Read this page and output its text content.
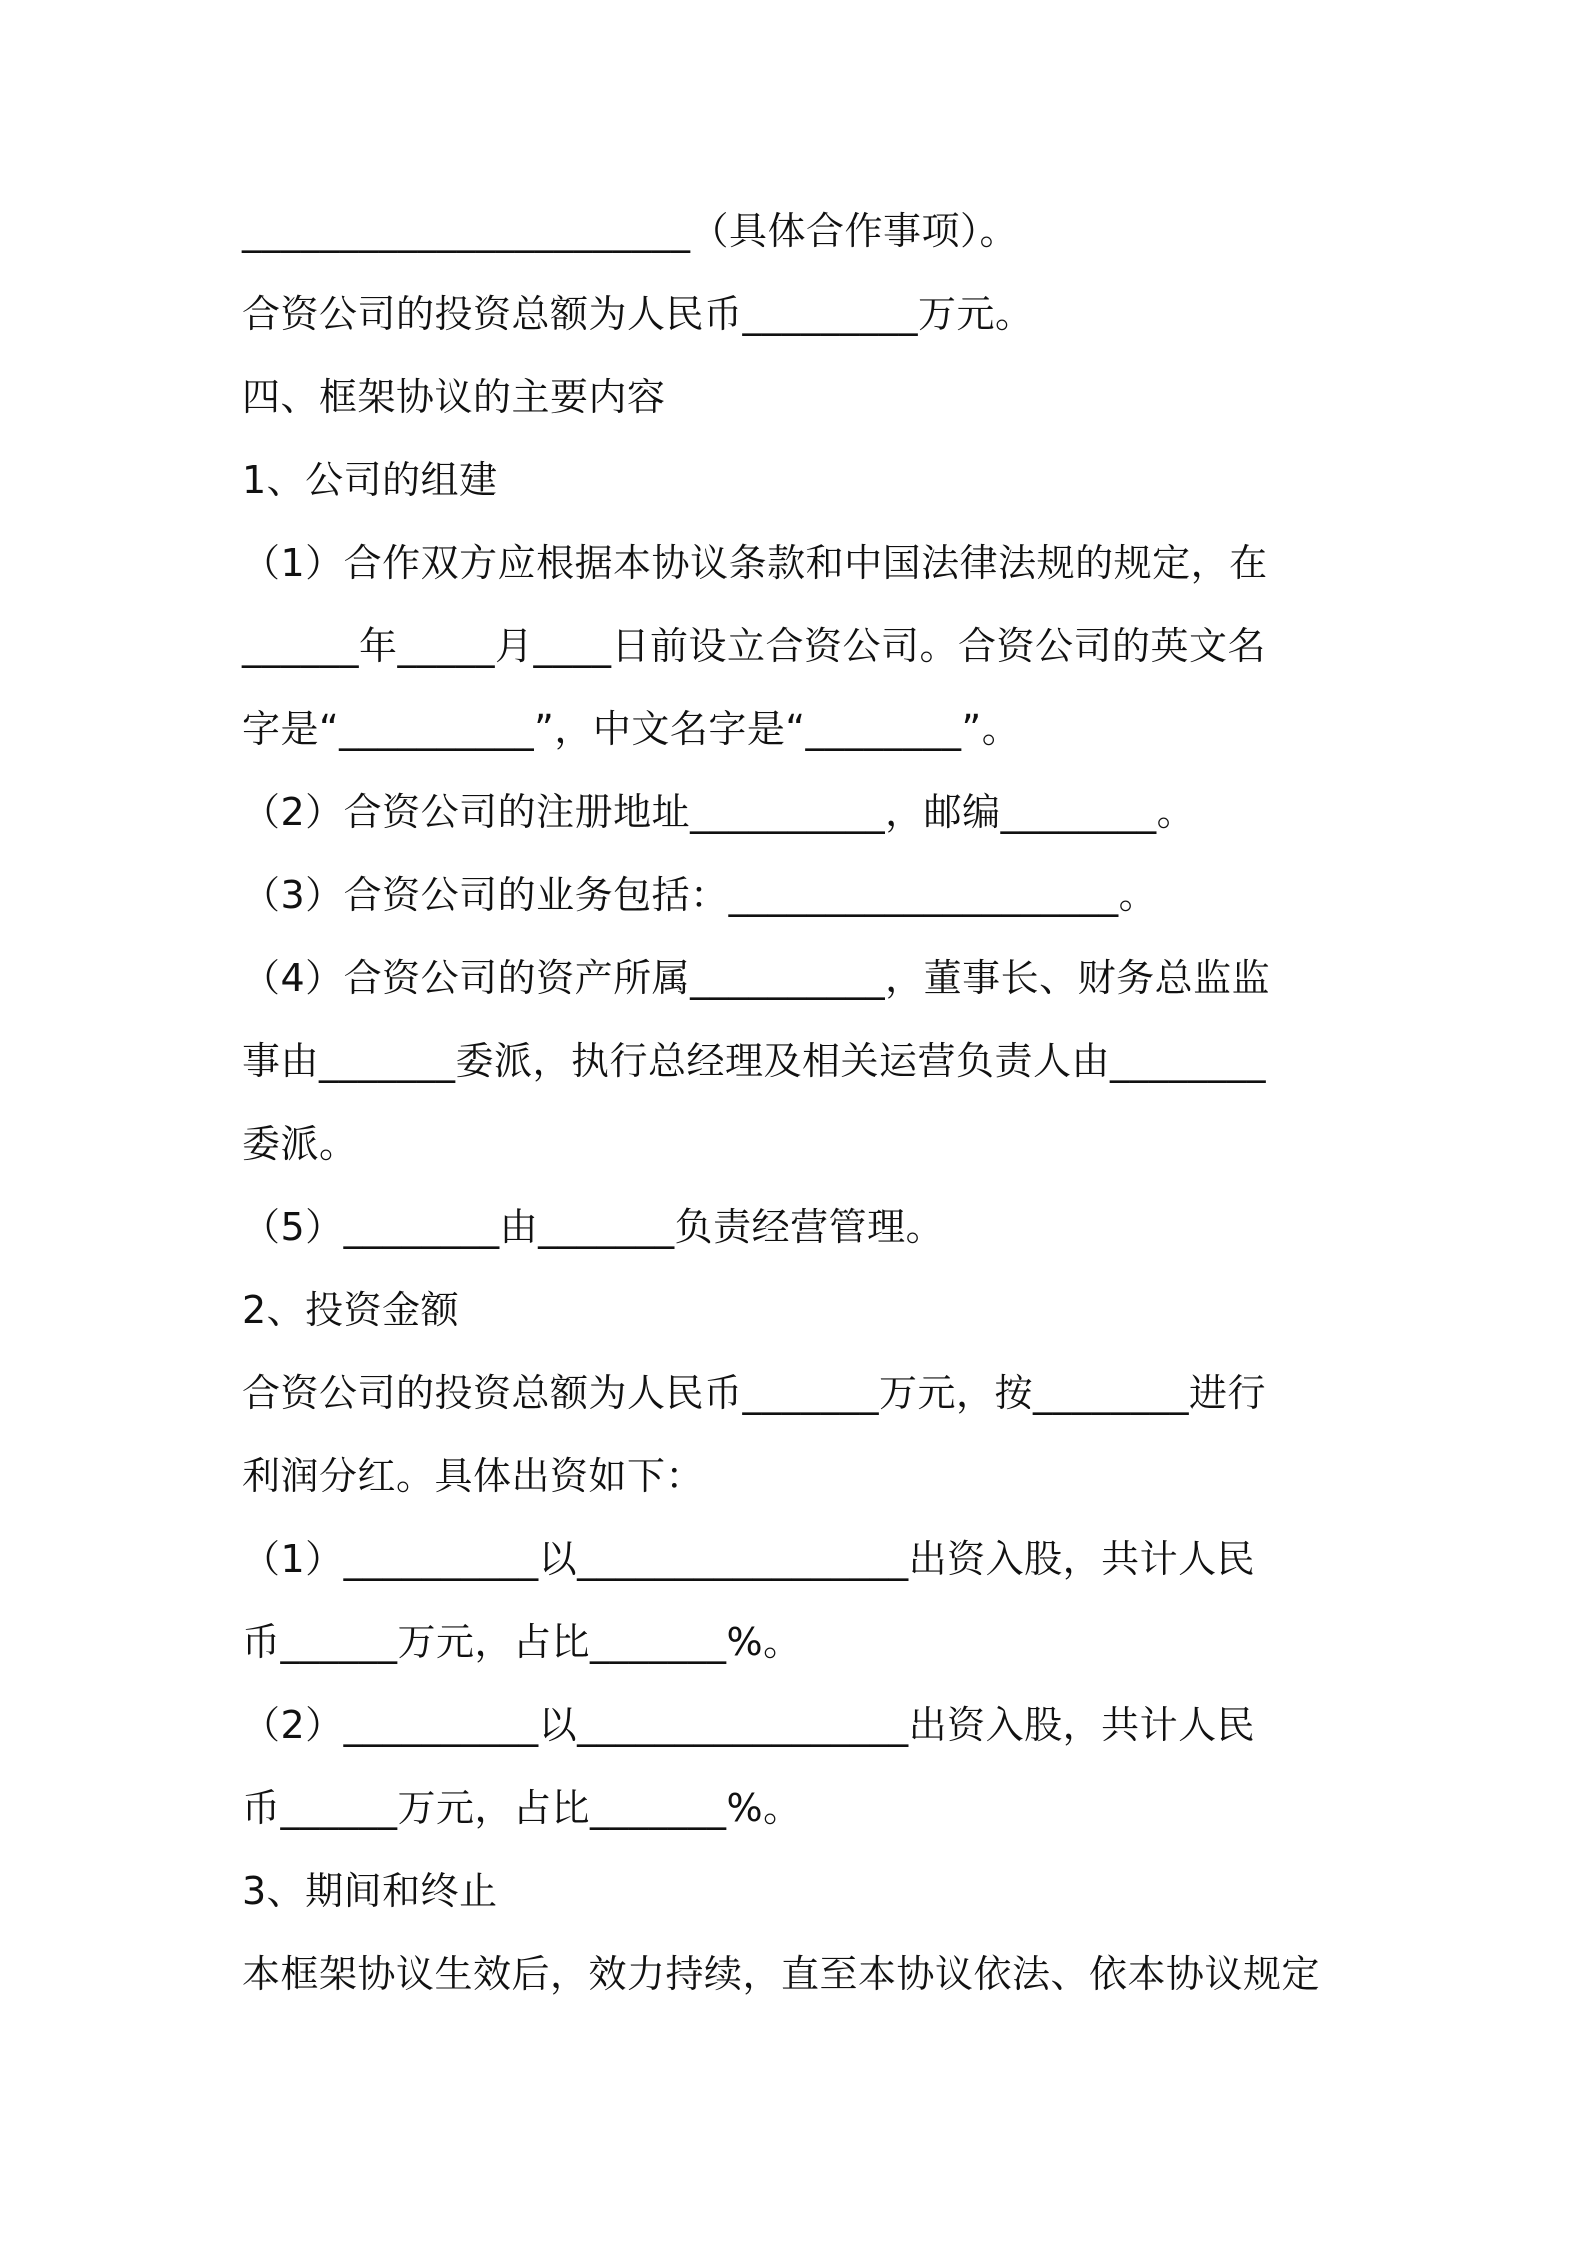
_______________________（具体合作事项）。
合资公司的投资总额为人民币_________万元。
四、框架协议的主要内容
1、公司的组建
（1）合作双方应根据本协议条款和中国法律法规的规定，在
______年_____月____日前设立合资公司。合资公司的英文名
字是“__________”，中文名字是“________”。
（2）合资公司的注册地址__________，邮编________。
（3）合资公司的业务包括：____________________。
（4）合资公司的资产所属__________，董事长、财务总监监
事由_______委派，执行总经理及相关运营负责人由________
委派。
（5）________由_______负责经营管理。
2、投资金额
合资公司的投资总额为人民币_______万元，按________进行
利润分红。具体出资如下：
（1）__________以_________________出资入股，共计人民
币______万元，占比_______%。
（2）__________以_________________出资入股，共计人民
币______万元，占比_______%。
3、期间和终止
本框架协议生效后，效力持续，直至本协议依法、依本协议规定
